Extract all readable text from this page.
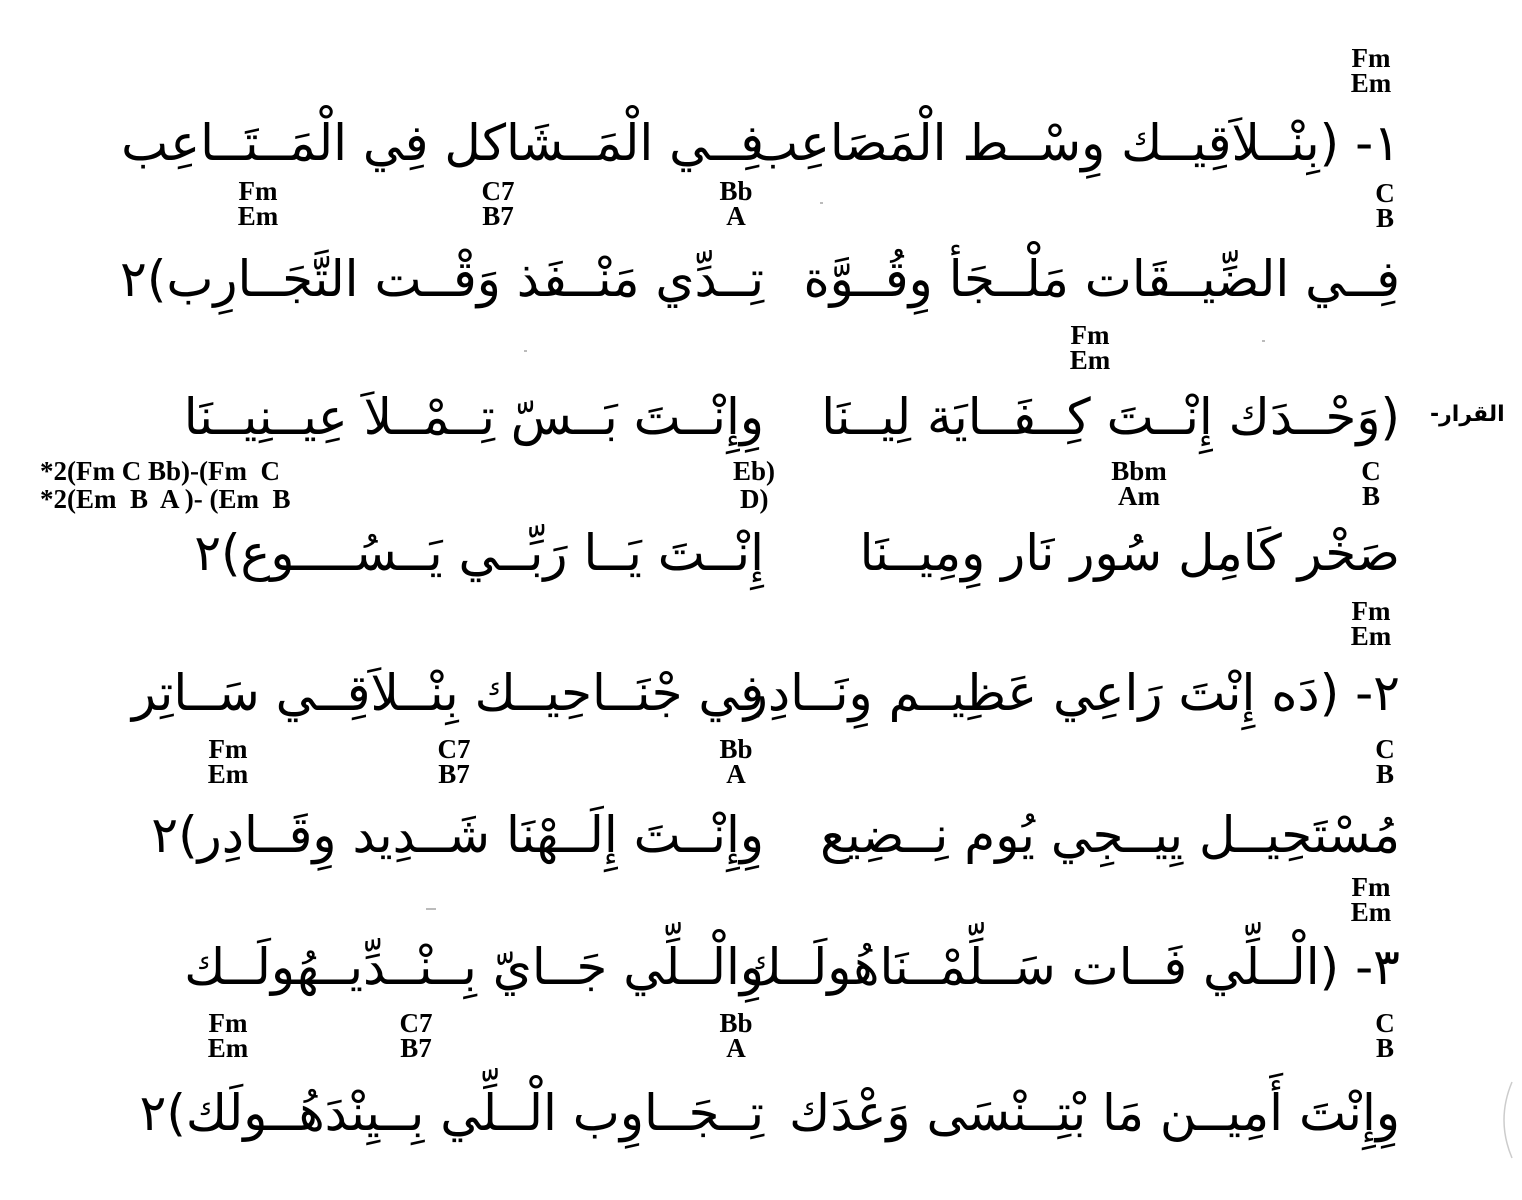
Fm
Em
١- (بِنْــلاَقِيــك وِسْــط الْمَصَاعِب
فِــي الْمَــشَاكل فِي الْمَــتَــاعِب
Fm
Em
C7
B7
Bb
A
C
B
فِــي الضِّيــقَات مَلْــجَأ وِقُــوَّة
تِــدِّي مَنْــفَذ وَقْــت التَّجَــارِب)٢
Fm
Em
القرار-
(وَحْــدَك إِنْــتَ كِــفَــايَة لِيــنَا
وِإِنْــتَ بَــسّ تِــمْــلاَ عِيــنِيــنَا
*2(Fm C Bb)-(Fm  C
*2(Em  B  A )- (Em  B
Eb)
D)
Bbm
Am
C
B
صَخْر كَامِل سُور نَار وِمِيــنَا
إِنْــتَ يَــا رَبِّــي يَــسُــــوع)٢
Fm
Em
٢- (دَه إِنْتَ رَاعِي عَظِيــم وِنَــادِر
فِي جْنَــاحِيــك بِنْــلاَقِــي سَــاتِر
Fm
Em
C7
B7
Bb
A
C
B
مُسْتَحِيــل يِيــجِي يُوم نِــضِيع
وِإِنْــتَ إِلَــهْنَا شَــدِيد وِقَــادِر)٢
Fm
Em
٣- (الْــلِّي فَــات سَــلِّمْــنَاهُولَــك
وِالْــلِّي جَــايّ بِــنْــدِّيــهُولَــك
Fm
Em
C7
B7
Bb
A
C
B
وِإِنْتَ أَمِيــن مَا بْتِــنْسَى وَعْدَك
تِــجَــاوِب الْــلِّي بِــيِنْدَهُــولَك)٢
